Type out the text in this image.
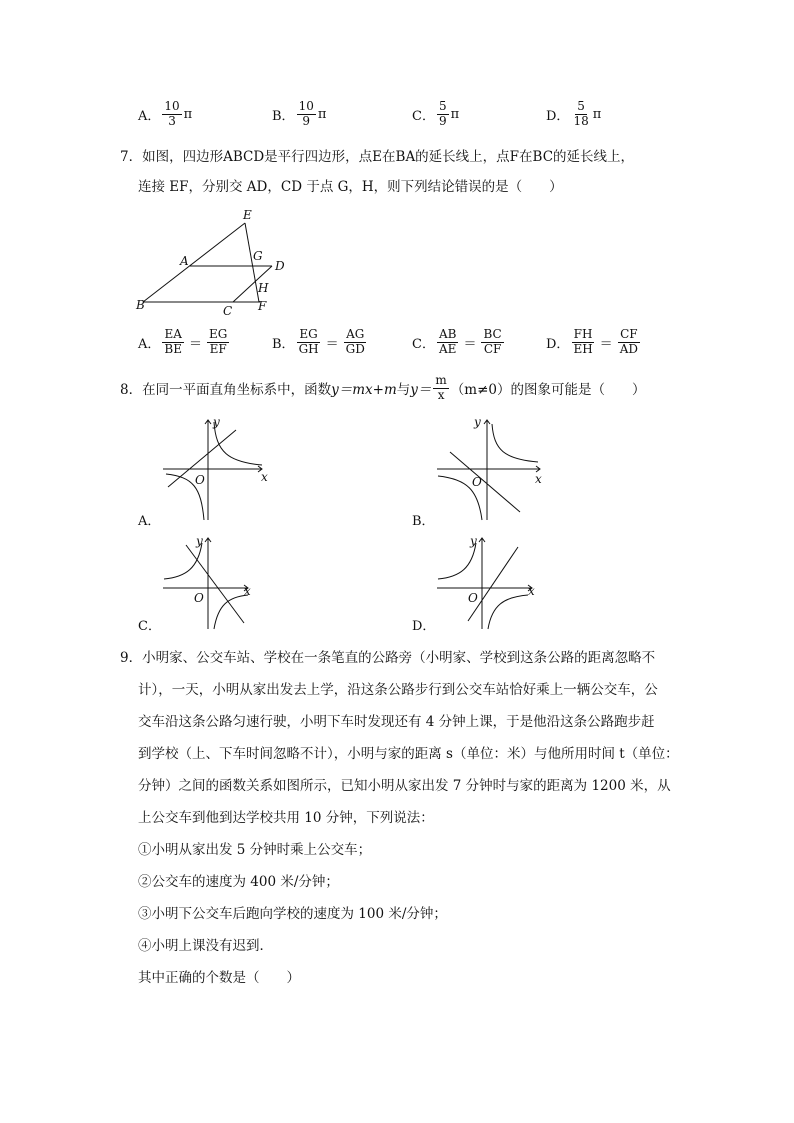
A． $\frac{10}{3}$ π	B． $\frac{10}{9}$ π	C． $\frac{5}{9}$ π	D． $\frac{5}{18}$ π
7．如图，四边形ABCD是平行四边形，点E在BA的延长线上，点F在BC的延长线上，
连接 EF，分别交 AD，CD 于点 G，H，则下列结论错误的是（　　）
E
A	G
D
H
B	C F
A． $\frac{EA}{BE} = \frac{EG}{EF}$	B． $\frac{EG}{GH} = \frac{AG}{GD}$	C． $\frac{AB}{AE} = \frac{BC}{CF}$	D． $\frac{FH}{EH} = \frac{CF}{AD}$
8．在同一平面直角坐标系中，函数 y＝mx+m 与 $y= \frac{m}{x} (m\ne 0)$的图象可能是（　　）
y
x
O
A．
y
x
O
B．
y
x
O
C．
y
x
O
D．
9．小明家、公交车站、学校在一条笔直的公路旁（小明家、学校到这条公路的距离忽略不
计），一天，小明从家出发去上学，沿这条公路步行到公交车站恰好乘上一辆公交车，公
交车沿这条公路匀速行驶，小明下车时发现还有 4 分钟上课，于是他沿这条公路跑步赶
到学校（上、下车时间忽略不计），小明与家的距离 s（单位：米）与他所用时间 t（单位：
分钟）之间的函数关系如图所示，已知小明从家出发 7 分钟时与家的距离为 1200 米，从
上公交车到他到达学校共用 10 分钟，下列说法：
①小明从家出发 5 分钟时乘上公交车；
②公交车的速度为 400 米/分钟；
③小明下公交车后跑向学校的速度为 100 米/分钟；
④小明上课没有迟到．
其中正确的个数是（　　）
